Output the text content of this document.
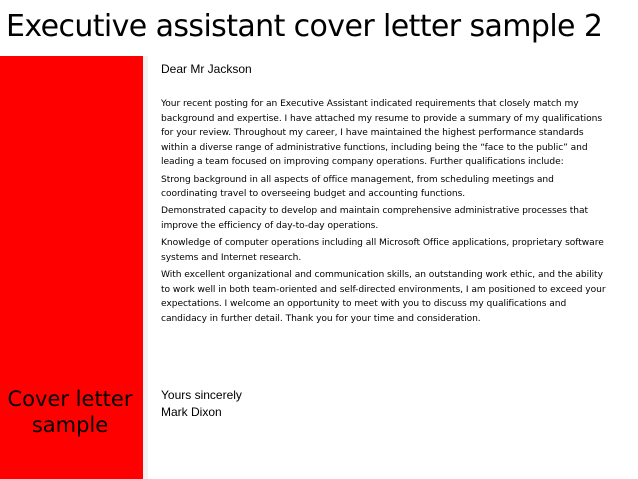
Executive assistant cover letter sample 2
Cover letter sample

Dear Mr Jackson

Your recent posting for an Executive Assistant indicated requirements that closely match my background and expertise. I have attached my resume to provide a summary of my qualifications for your review. Throughout my career, I have maintained the highest performance standards within a diverse range of administrative functions, including being the “face to the public” and leading a team focused on improving company operations. Further qualifications include:

Strong background in all aspects of office management, from scheduling meetings and coordinating travel to overseeing budget and accounting functions.

Demonstrated capacity to develop and maintain comprehensive administrative processes that improve the efficiency of day-to-day operations.

Knowledge of computer operations including all Microsoft Office applications, proprietary software systems and Internet research.

With excellent organizational and communication skills, an outstanding work ethic, and the ability to work well in both team-oriented and self-directed environments, I am positioned to exceed your expectations. I welcome an opportunity to meet with you to discuss my qualifications and candidacy in further detail. Thank you for your time and consideration.

Yours sincerely
Mark Dixon
